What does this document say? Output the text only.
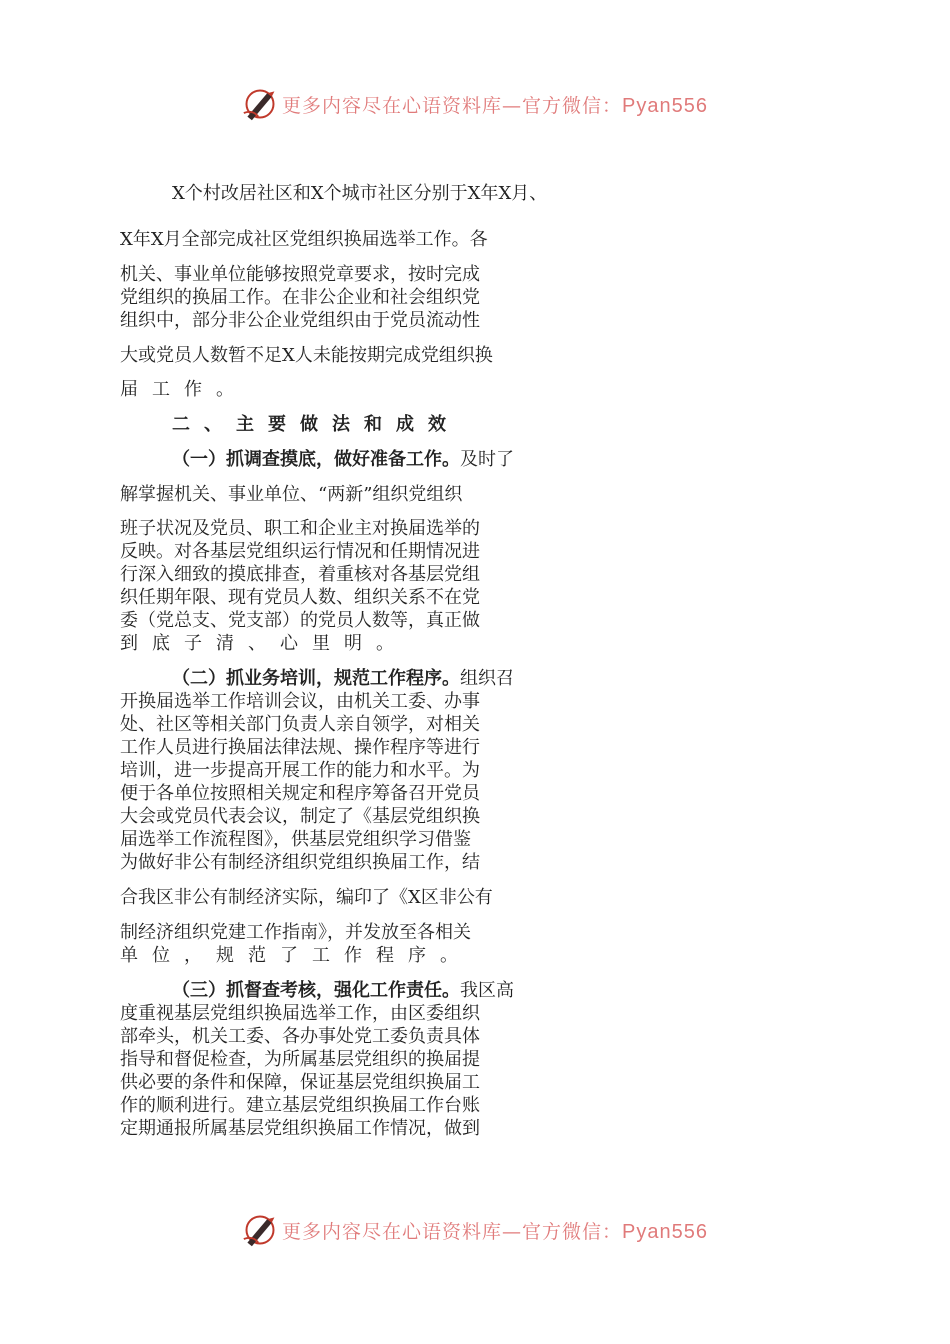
更多内容尽在心语资料库—官方微信：Pyan556
X个村改居社区和X个城市社区分别于X年X月、
X年X月全部完成社区党组织换届选举工作。各
机关、事业单位能够按照党章要求，按时完成
党组织的换届工作。在非公企业和社会组织党
组织中，部分非公企业党组织由于党员流动性
大或党员人数暂不足X人未能按期完成党组织换
届工作。
二、主要做法和成效
（一）抓调查摸底，做好准备工作。及时了
解掌握机关、事业单位、“两新”组织党组织
班子状况及党员、职工和企业主对换届选举的
反映。对各基层党组织运行情况和任期情况进
行深入细致的摸底排查，着重核对各基层党组
织任期年限、现有党员人数、组织关系不在党
委（党总支、党支部）的党员人数等，真正做
到底子清、心里明。
（二）抓业务培训，规范工作程序。组织召
开换届选举工作培训会议，由机关工委、办事
处、社区等相关部门负责人亲自领学，对相关
工作人员进行换届法律法规、操作程序等进行
培训，进一步提高开展工作的能力和水平。为
便于各单位按照相关规定和程序筹备召开党员
大会或党员代表会议，制定了《基层党组织换
届选举工作流程图》，供基层党组织学习借鉴
为做好非公有制经济组织党组织换届工作，结
合我区非公有制经济实际，编印了《X区非公有
制经济组织党建工作指南》，并发放至各相关
单位，规范了工作程序。
（三）抓督查考核，强化工作责任。我区高
度重视基层党组织换届选举工作，由区委组织
部牵头，机关工委、各办事处党工委负责具体
指导和督促检查，为所属基层党组织的换届提
供必要的条件和保障，保证基层党组织换届工
作的顺利进行。建立基层党组织换届工作台账
定期通报所属基层党组织换届工作情况，做到
更多内容尽在心语资料库—官方微信：Pyan556
